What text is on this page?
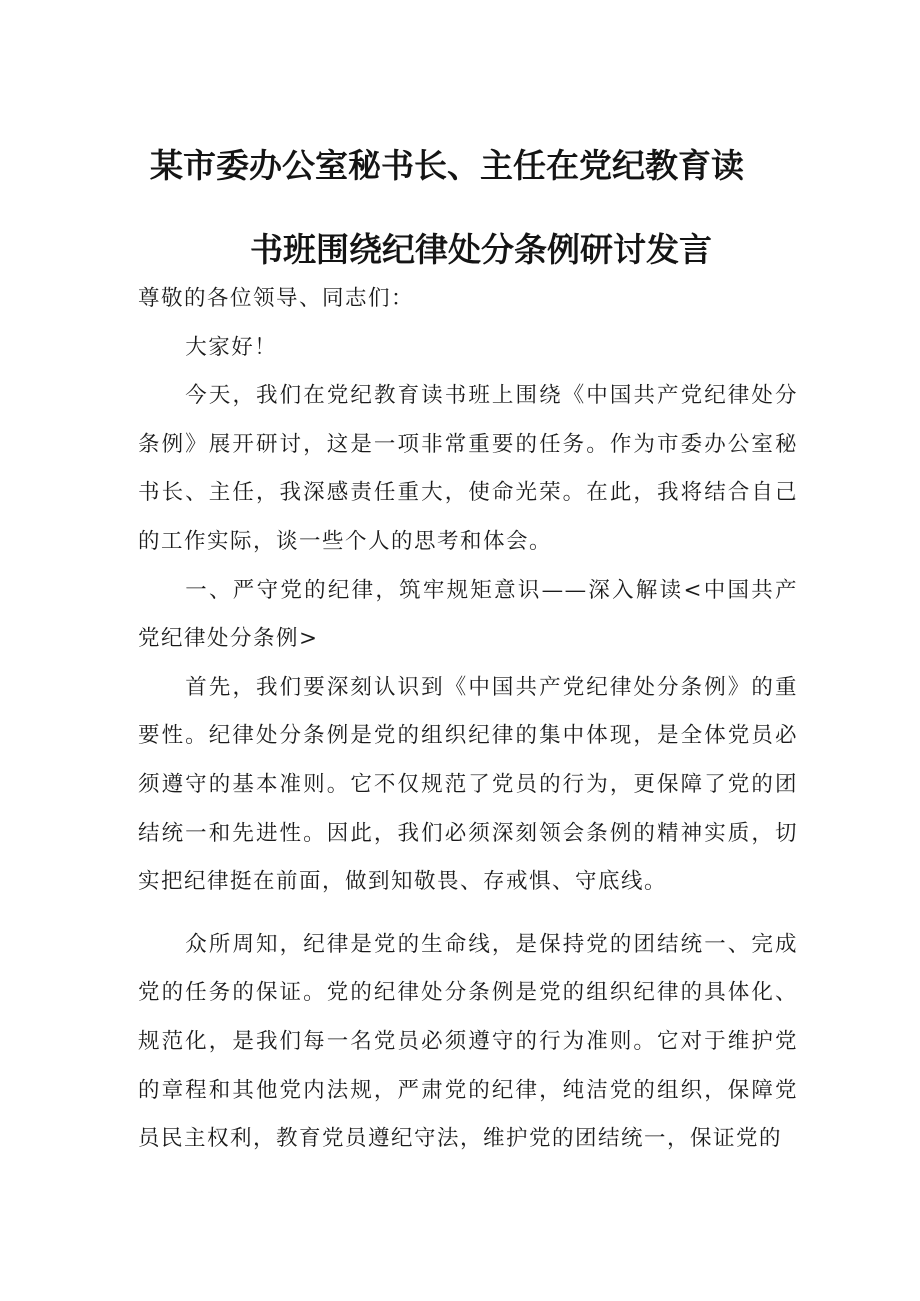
某市委办公室秘书长、主任在党纪教育读
书班围绕纪律处分条例研讨发言

尊敬的各位领导、同志们：

大家好！

今天，我们在党纪教育读书班上围绕《中国共产党纪律处分条例》展开研讨，这是一项非常重要的任务。作为市委办公室秘书长、主任，我深感责任重大，使命光荣。在此，我将结合自己的工作实际，谈一些个人的思考和体会。

一、严守党的纪律，筑牢规矩意识——深入解读<中国共产党纪律处分条例>

首先，我们要深刻认识到《中国共产党纪律处分条例》的重要性。纪律处分条例是党的组织纪律的集中体现，是全体党员必须遵守的基本准则。它不仅规范了党员的行为，更保障了党的团结统一和先进性。因此，我们必须深刻领会条例的精神实质，切实把纪律挺在前面，做到知敬畏、存戒惧、守底线。

众所周知，纪律是党的生命线，是保持党的团结统一、完成党的任务的保证。党的纪律处分条例是党的组织纪律的具体化、规范化，是我们每一名党员必须遵守的行为准则。它对于维护党的章程和其他党内法规，严肃党的纪律，纯洁党的组织，保障党员民主权利，教育党员遵纪守法，维护党的团结统一，保证党的
